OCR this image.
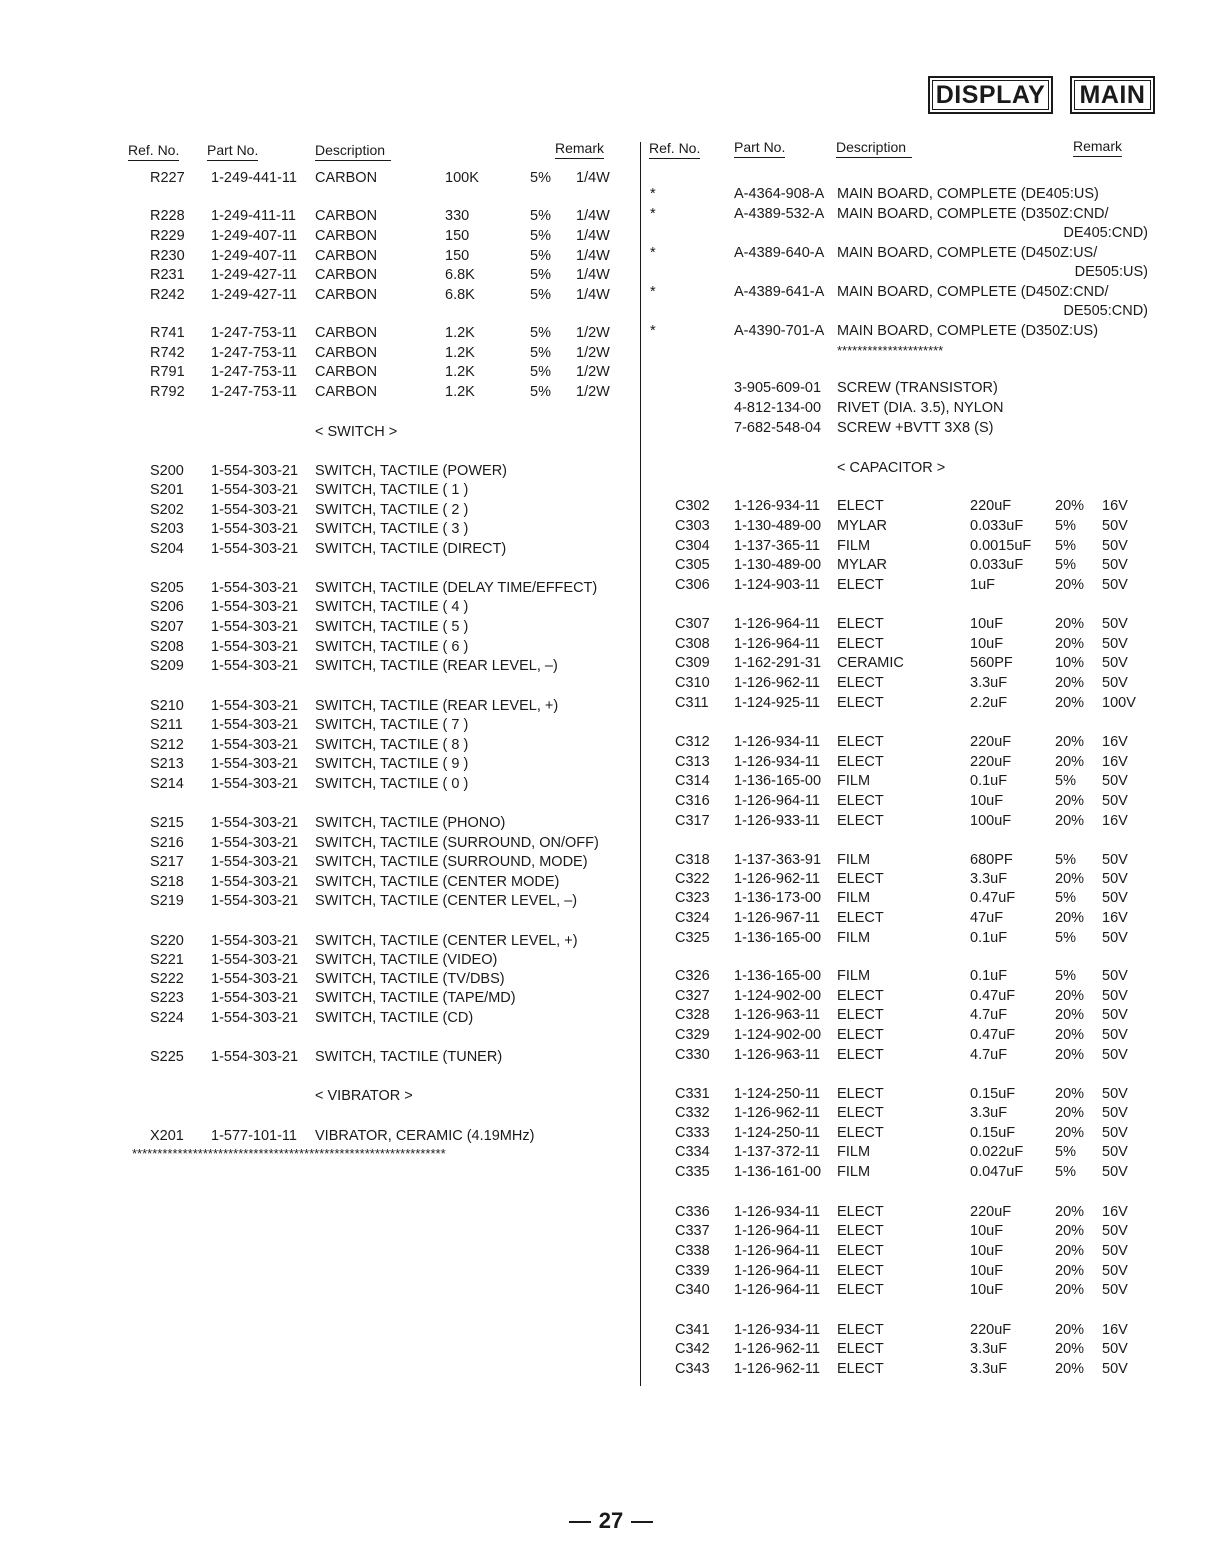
DISPLAY	MAIN
Ref. No. Part No.	Description	Remark	Ref. No. Part No.	Description	Remark
R227 1-249-441-11 CARBON	100K	5% 1/4W
R228 1-249-411-11 CARBON	330	5% 1/4W
R229 1-249-407-11 CARBON	150	5% 1/4W
R230 1-249-407-11 CARBON	150	5% 1/4W
R231 1-249-427-11 CARBON	6.8K	5% 1/4W
R242 1-249-427-11 CARBON	6.8K	5% 1/4W
R741 1-247-753-11 CARBON	1.2K	5% 1/2W
R742 1-247-753-11 CARBON	1.2K	5% 1/2W
R791 1-247-753-11 CARBON	1.2K	5% 1/2W
R792 1-247-753-11 CARBON	1.2K	5% 1/2W
< SWITCH >
S200 1-554-303-21 SWITCH, TACTILE (POWER)
S201 1-554-303-21 SWITCH, TACTILE ( 1 )
S202 1-554-303-21 SWITCH, TACTILE ( 2 )
S203 1-554-303-21 SWITCH, TACTILE ( 3 )
S204 1-554-303-21 SWITCH, TACTILE (DIRECT)
S205 1-554-303-21 SWITCH, TACTILE (DELAY TIME/EFFECT)
S206 1-554-303-21 SWITCH, TACTILE ( 4 )
S207 1-554-303-21 SWITCH, TACTILE ( 5 )
S208 1-554-303-21 SWITCH, TACTILE ( 6 )
S209 1-554-303-21 SWITCH, TACTILE (REAR LEVEL, –)
S210 1-554-303-21 SWITCH, TACTILE (REAR LEVEL, +)
S211 1-554-303-21 SWITCH, TACTILE ( 7 )
S212 1-554-303-21 SWITCH, TACTILE ( 8 )
S213 1-554-303-21 SWITCH, TACTILE ( 9 )
S214 1-554-303-21 SWITCH, TACTILE ( 0 )
S215 1-554-303-21 SWITCH, TACTILE (PHONO)
S216 1-554-303-21 SWITCH, TACTILE (SURROUND, ON/OFF)
S217 1-554-303-21 SWITCH, TACTILE (SURROUND, MODE)
S218 1-554-303-21 SWITCH, TACTILE (CENTER MODE)
S219 1-554-303-21 SWITCH, TACTILE (CENTER LEVEL, –)
S220 1-554-303-21 SWITCH, TACTILE (CENTER LEVEL, +)
S221 1-554-303-21 SWITCH, TACTILE (VIDEO)
S222 1-554-303-21 SWITCH, TACTILE (TV/DBS)
S223 1-554-303-21 SWITCH, TACTILE (TAPE/MD)
S224 1-554-303-21 SWITCH, TACTILE (CD)
S225 1-554-303-21 SWITCH, TACTILE (TUNER)
< VIBRATOR >
X201 1-577-101-11 VIBRATOR, CERAMIC (4.19MHz)
**************************************************************
*	A-4364-908-A MAIN BOARD, COMPLETE (DE405:US)
*	A-4389-532-A MAIN BOARD, COMPLETE (D350Z:CND/
DE405:CND)
*	A-4389-640-A MAIN BOARD, COMPLETE (D450Z:US/
DE505:US)
*	A-4389-641-A MAIN BOARD, COMPLETE (D450Z:CND/
DE505:CND)
*	A-4390-701-A MAIN BOARD, COMPLETE (D350Z:US)
*********************
3-905-609-01 SCREW (TRANSISTOR)
4-812-134-00 RIVET (DIA. 3.5), NYLON
7-682-548-04 SCREW +BVTT 3X8 (S)
< CAPACITOR >
C302 1-126-934-11 ELECT	220uF	20% 16V
C303 1-130-489-00 MYLAR	0.033uF 5% 50V
C304 1-137-365-11 FILM	0.0015uF 5% 50V
C305 1-130-489-00 MYLAR	0.033uF 5% 50V
C306 1-124-903-11 ELECT	1uF	20% 50V
C307 1-126-964-11 ELECT	10uF	20% 50V
C308 1-126-964-11 ELECT	10uF	20% 50V
C309 1-162-291-31 CERAMIC	560PF	10% 50V
C310 1-126-962-11 ELECT	3.3uF	20% 50V
C311 1-124-925-11 ELECT	2.2uF	20% 100V
C312 1-126-934-11 ELECT	220uF	20% 16V
C313 1-126-934-11 ELECT	220uF	20% 16V
C314 1-136-165-00 FILM	0.1uF	5% 50V
C316 1-126-964-11 ELECT	10uF	20% 50V
C317 1-126-933-11 ELECT	100uF	20% 16V
C318 1-137-363-91 FILM	680PF	5% 50V
C322 1-126-962-11 ELECT	3.3uF	20% 50V
C323 1-136-173-00 FILM	0.47uF	5% 50V
C324 1-126-967-11 ELECT	47uF	20% 16V
C325 1-136-165-00 FILM	0.1uF	5% 50V
C326 1-136-165-00 FILM	0.1uF	5% 50V
C327 1-124-902-00 ELECT	0.47uF	20% 50V
C328 1-126-963-11 ELECT	4.7uF	20% 50V
C329 1-124-902-00 ELECT	0.47uF	20% 50V
C330 1-126-963-11 ELECT	4.7uF	20% 50V
C331 1-124-250-11 ELECT	0.15uF	20% 50V
C332 1-126-962-11 ELECT	3.3uF	20% 50V
C333 1-124-250-11 ELECT	0.15uF	20% 50V
C334 1-137-372-11 FILM	0.022uF 5% 50V
C335 1-136-161-00 FILM	0.047uF 5% 50V
C336 1-126-934-11 ELECT	220uF	20% 16V
C337 1-126-964-11 ELECT	10uF	20% 50V
C338 1-126-964-11 ELECT	10uF	20% 50V
C339 1-126-964-11 ELECT	10uF	20% 50V
C340 1-126-964-11 ELECT	10uF	20% 50V
C341 1-126-934-11 ELECT	220uF	20% 16V
C342 1-126-962-11 ELECT	3.3uF	20% 50V
C343 1-126-962-11 ELECT	3.3uF	20% 50V
27
